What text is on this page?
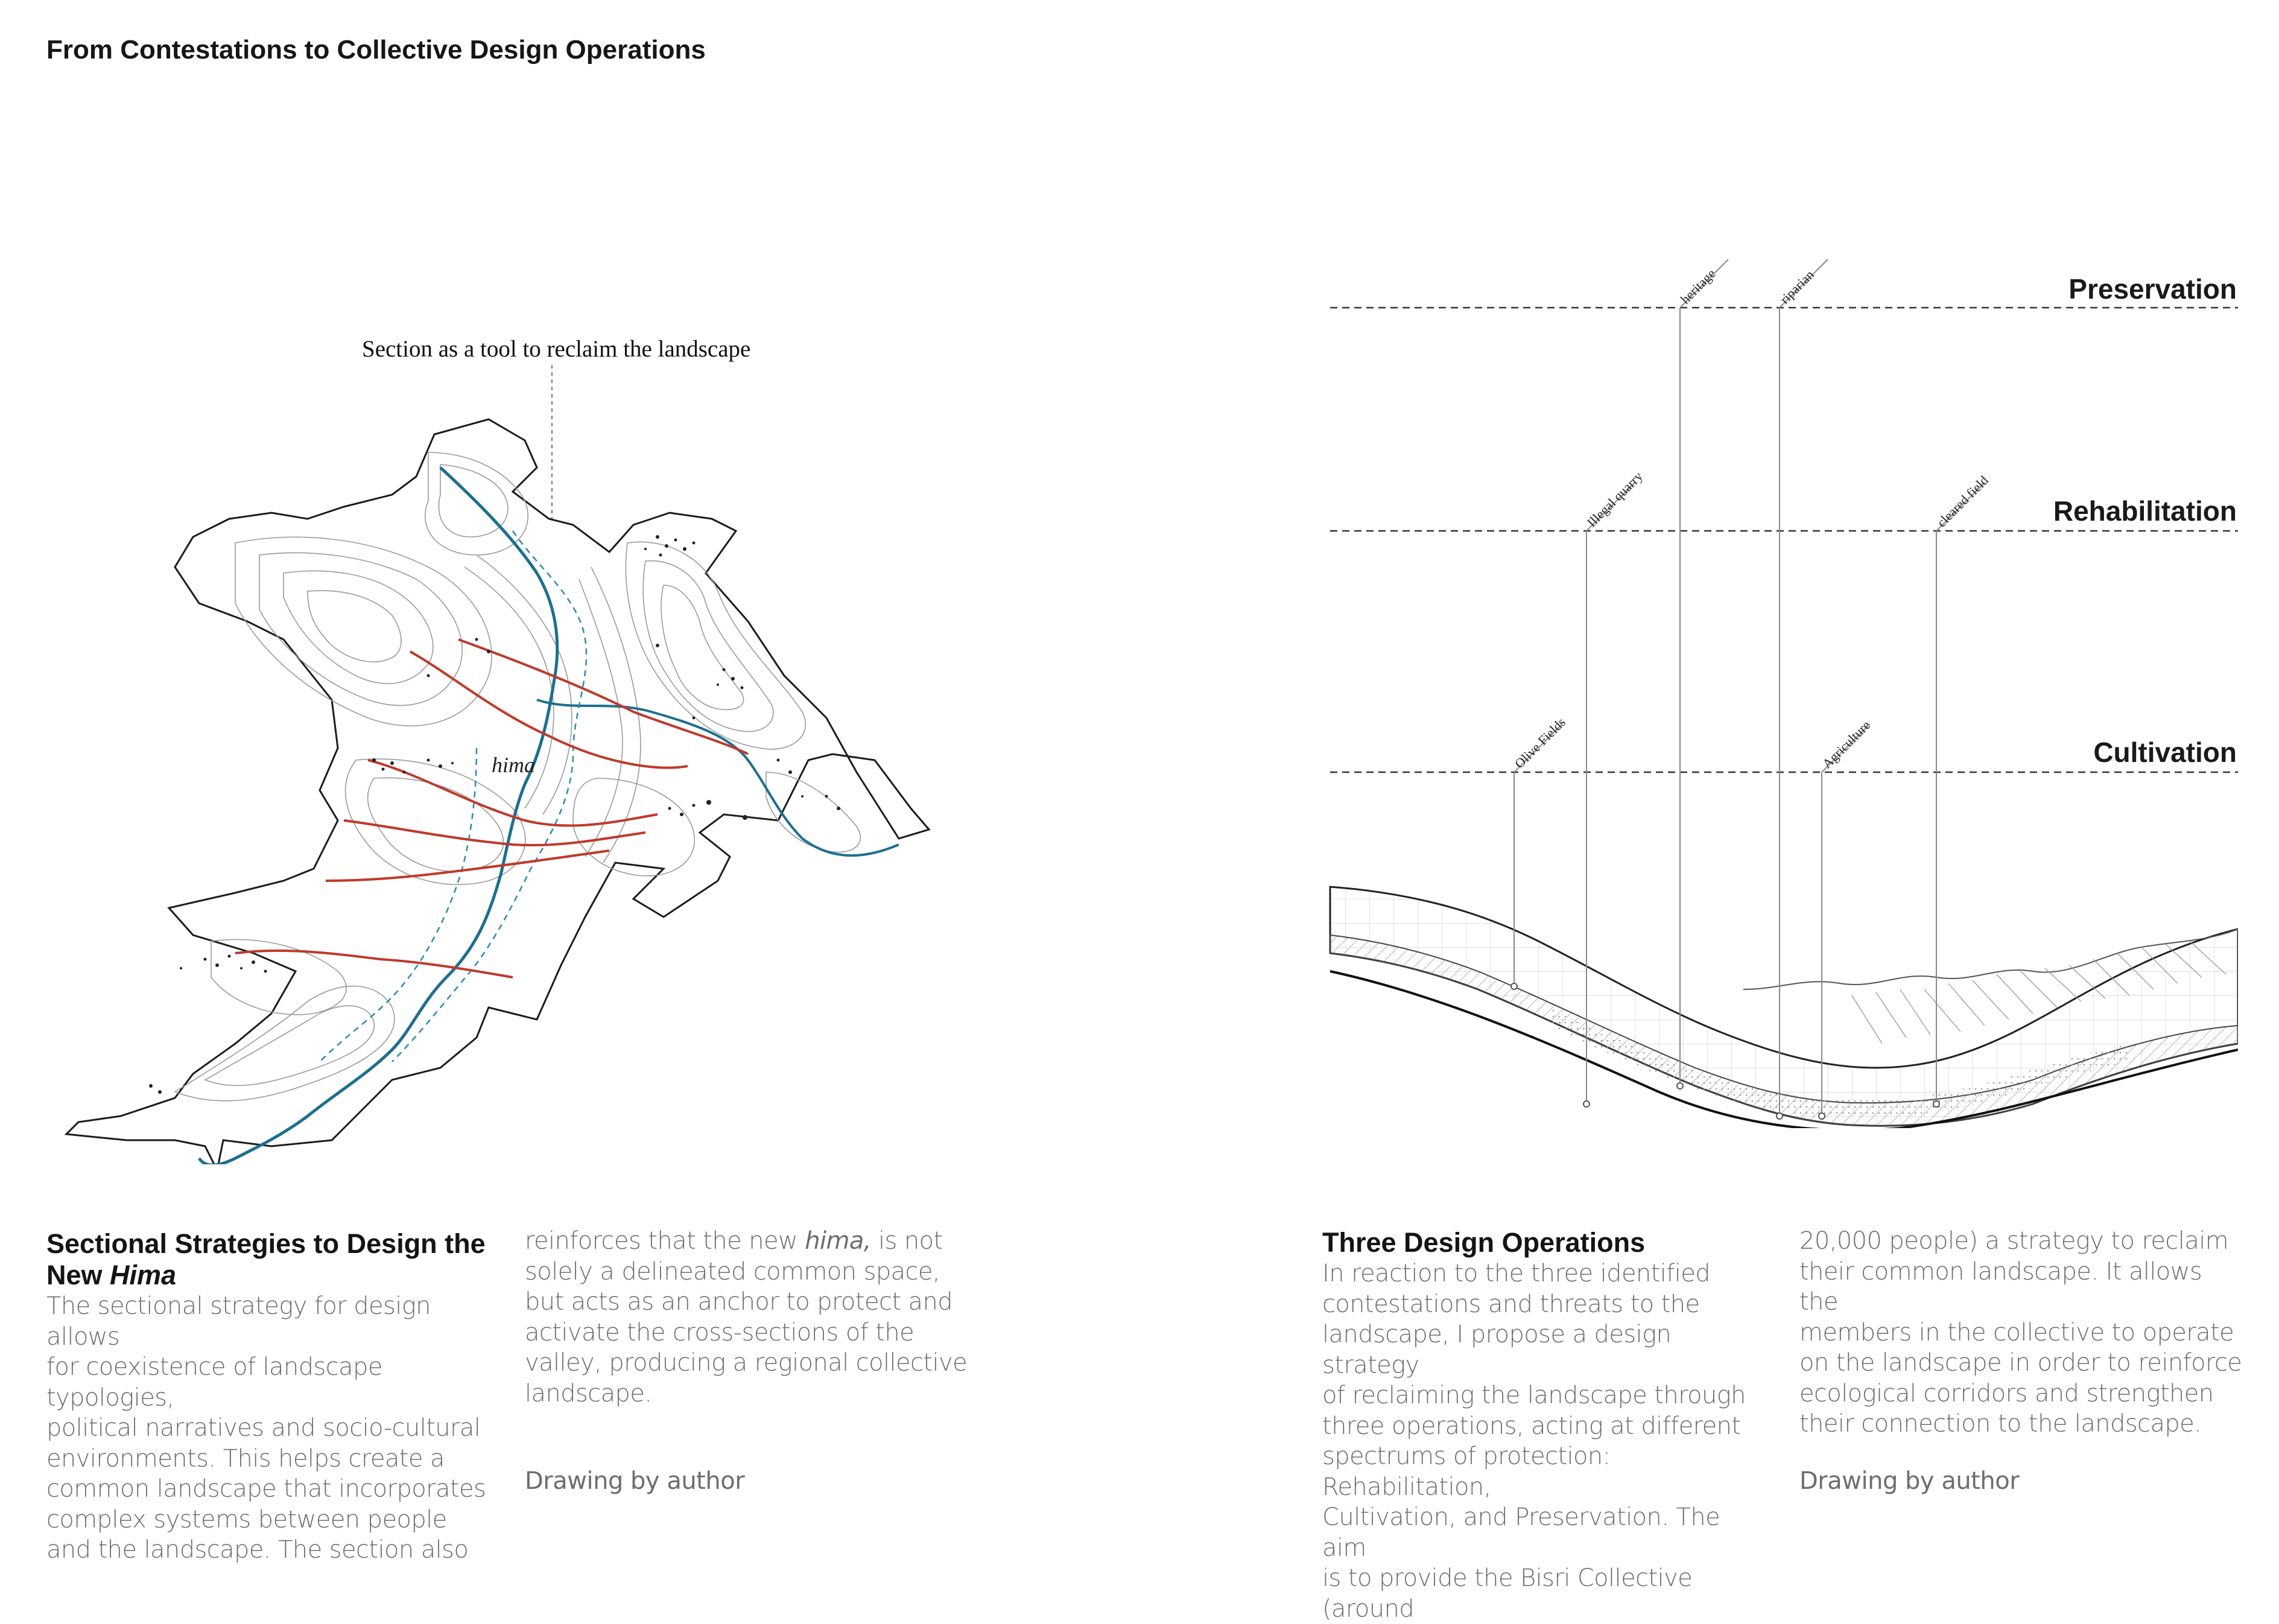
From Contestations to Collective Design Operations
Section as a tool to reclaim the landscape
hima
heritage	riparian
Illegal quarry	cleared field
Olive Fields	Agriculture
Preservation
Rehabilitation
Cultivation
Sectional Strategies to Design the New Hima
The sectional strategy for design allows
for coexistence of landscape typologies,
political narratives and socio-cultural
environments. This helps create a
common landscape that incorporates
complex systems between people
and the landscape. The section also
reinforces that the new hima, is not
solely a delineated common space,
but acts as an anchor to protect and
activate the cross-sections of the
valley, producing a regional collective
landscape.
Drawing by author
Three Design Operations
In reaction to the three identified
contestations and threats to the
landscape, I propose a design strategy
of reclaiming the landscape through
three operations, acting at different
spectrums of protection: Rehabilitation,
Cultivation, and Preservation. The aim
is to provide the Bisri Collective (around
20,000 people) a strategy to reclaim
their common landscape. It allows the
members in the collective to operate
on the landscape in order to reinforce
ecological corridors and strengthen
their connection to the landscape.
Drawing by author
